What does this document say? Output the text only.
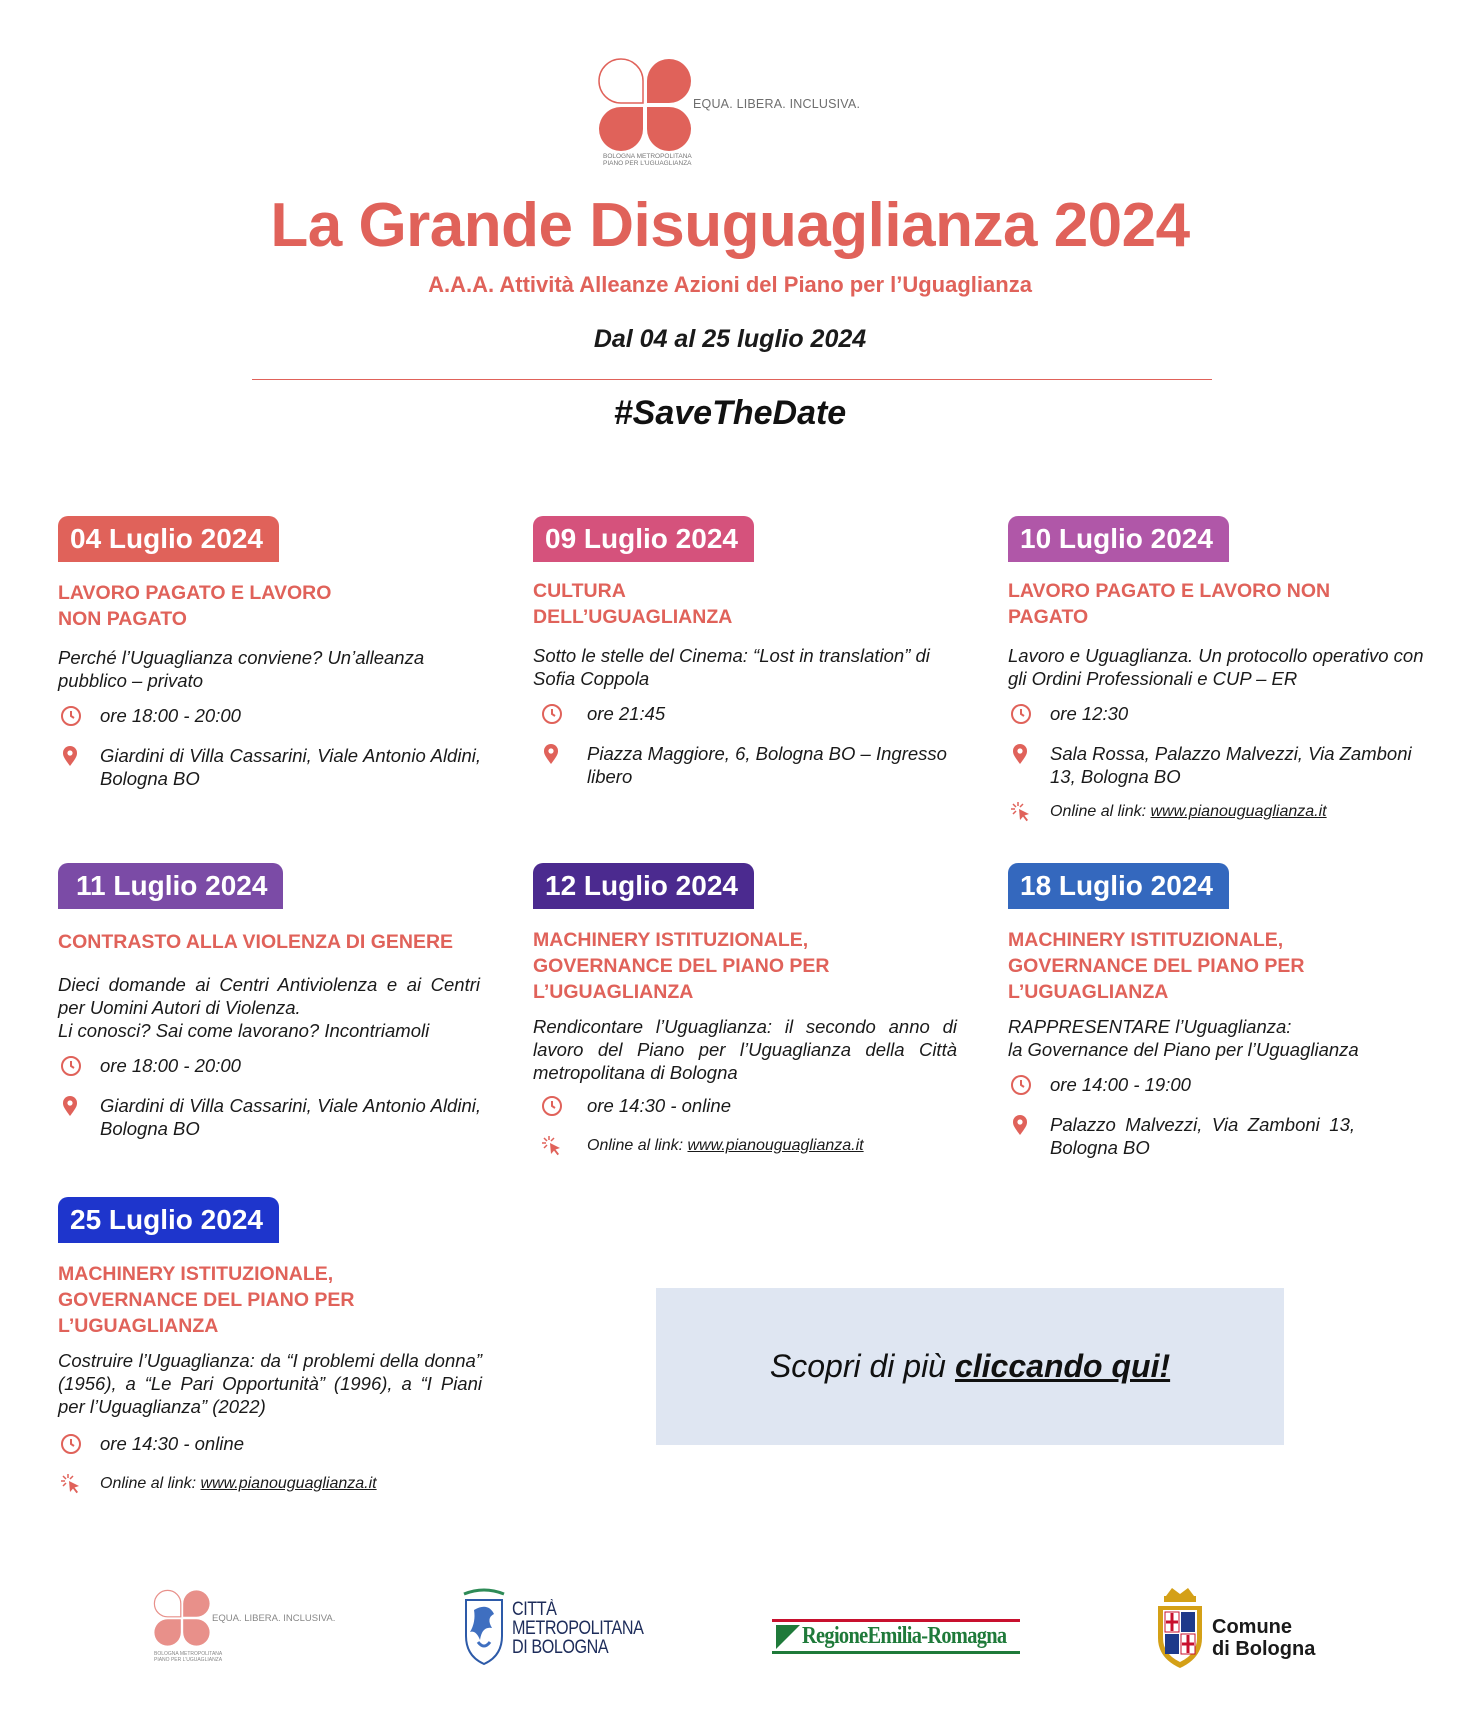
EQUA. LIBERA. INCLUSIVA.
BOLOGNA METROPOLITANA
PIANO PER L’UGUAGLIANZA
La Grande Disuguaglianza 2024
A.A.A. Attività Alleanze Azioni del Piano per l’Uguaglianza
Dal 04 al 25 luglio 2024
#SaveTheDate
04 Luglio 2024
LAVORO PAGATO E LAVORO NON PAGATO
Perché l’Uguaglianza conviene? Un’alleanza pubblico – privato
ore 18:00 - 20:00
Giardini di Villa Cassarini, Viale Antonio Aldini, Bologna BO
09 Luglio 2024
CULTURA DELL’UGUAGLIANZA
Sotto le stelle del Cinema: “Lost in translation” di Sofia Coppola
ore 21:45
Piazza Maggiore, 6, Bologna BO – Ingresso libero
10 Luglio 2024
LAVORO PAGATO E LAVORO NON PAGATO
Lavoro e Uguaglianza. Un protocollo operativo con gli Ordini Professionali e CUP – ER
ore 12:30
Sala Rossa, Palazzo Malvezzi, Via Zamboni 13, Bologna BO
Online al link: www.pianouguaglianza.it
11 Luglio 2024
CONTRASTO ALLA VIOLENZA DI GENERE
Dieci domande ai Centri Antiviolenza e ai Centri per Uomini Autori di Violenza.
Li conosci? Sai come lavorano? Incontriamoli
ore 18:00 - 20:00
Giardini di Villa Cassarini, Viale Antonio Aldini, Bologna BO
12 Luglio 2024
MACHINERY ISTITUZIONALE, GOVERNANCE DEL PIANO PER L’UGUAGLIANZA
Rendicontare l’Uguaglianza: il secondo anno di lavoro del Piano per l’Uguaglianza della Città metropolitana di Bologna
ore 14:30 - online
Online al link: www.pianouguaglianza.it
18 Luglio 2024
MACHINERY ISTITUZIONALE, GOVERNANCE DEL PIANO PER L’UGUAGLIANZA
RAPPRESENTARE l’Uguaglianza:
la Governance del Piano per l’Uguaglianza
ore 14:00 - 19:00
Palazzo Malvezzi, Via Zamboni 13, Bologna BO
25 Luglio 2024
MACHINERY ISTITUZIONALE, GOVERNANCE DEL PIANO PER L’UGUAGLIANZA
Costruire l’Uguaglianza: da “I problemi della donna” (1956), a “Le Pari Opportunità” (1996), a “I Piani per l’Uguaglianza” (2022)
ore 14:30 - online
Online al link: www.pianouguaglianza.it
Scopri di più cliccando qui!
EQUA. LIBERA. INCLUSIVA.
BOLOGNA METROPOLITANA
PIANO PER L’UGUAGLIANZA
CITTÀ
METROPOLITANA
DI BOLOGNA	RegioneEmilia-Romagna	Comune
di Bologna
